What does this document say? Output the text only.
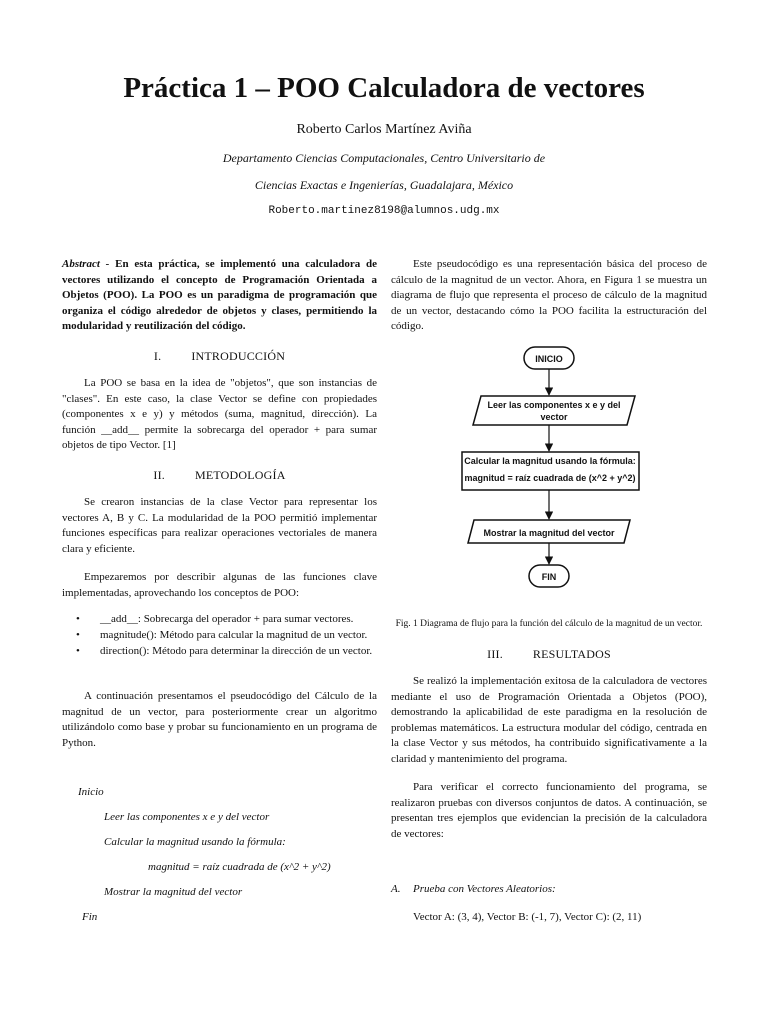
Práctica 1 – POO Calculadora de vectores
Roberto Carlos Martínez Aviña
Departamento Ciencias Computacionales, Centro Universitario de
Ciencias Exactas e Ingenierías, Guadalajara, México
Roberto.martinez8198@alumnos.udg.mx

Abstract - En esta práctica, se implementó una calculadora de vectores utilizando el concepto de Programación Orientada a Objetos (POO). La POO es un paradigma de programación que organiza el código alrededor de objetos y clases, permitiendo la modularidad y reutilización del código.

I.	INTRODUCCIÓN

La POO se basa en la idea de "objetos", que son instancias de "clases". En este caso, la clase Vector se define con propiedades (componentes x e y) y métodos (suma, magnitud, dirección). La función __add__ permite la sobrecarga del operador + para sumar objetos de tipo Vector. [1]

II.	METODOLOGÍA

Se crearon instancias de la clase Vector para representar los vectores A, B y C. La modularidad de la POO permitió implementar funciones específicas para realizar operaciones vectoriales de manera clara y eficiente.

Empezaremos por describir algunas de las funciones clave implementadas, aprovechando los conceptos de POO:

• __add__: Sobrecarga del operador + para sumar vectores.
• magnitude(): Método para calcular la magnitud de un vector.
• direction(): Método para determinar la dirección de un vector.

A continuación presentamos el pseudocódigo del Cálculo de la magnitud de un vector, para posteriormente crear un algoritmo utilizándolo como base y probar su funcionamiento en un programa de Python.

Inicio
Leer las componentes x e y del vector
Calcular la magnitud usando la fórmula:
magnitud = raíz cuadrada de (x^2 + y^2)
Mostrar la magnitud del vector
Fin

Este pseudocódigo es una representación básica del proceso de cálculo de la magnitud de un vector. Ahora, en Figura 1 se muestra un diagrama de flujo que representa el proceso de cálculo de la magnitud de un vector, destacando cómo la POO facilita la estructuración del código.

INICIO
Leer las componentes x e y del
vector
Calcular la magnitud usando la fórmula:
magnitud = raíz cuadrada de (x^2 + y^2)
Mostrar la magnitud del vector
FIN

Fig. 1 Diagrama de flujo para la función del cálculo de la magnitud de un vector.

III.	RESULTADOS

Se realizó la implementación exitosa de la calculadora de vectores mediante el uso de Programación Orientada a Objetos (POO), demostrando la aplicabilidad de este paradigma en la resolución de problemas matemáticos. La estructura modular del código, centrada en la clase Vector y sus métodos, ha contribuido significativamente a la claridad y mantenimiento del programa.

Para verificar el correcto funcionamiento del programa, se realizaron pruebas con diversos conjuntos de datos. A continuación, se presentan tres ejemplos que evidencian la precisión de la calculadora de vectores:

A. Prueba con Vectores Aleatorios:

Vector A: (3, 4), Vector B: (-1, 7), Vector C): (2, 11)
